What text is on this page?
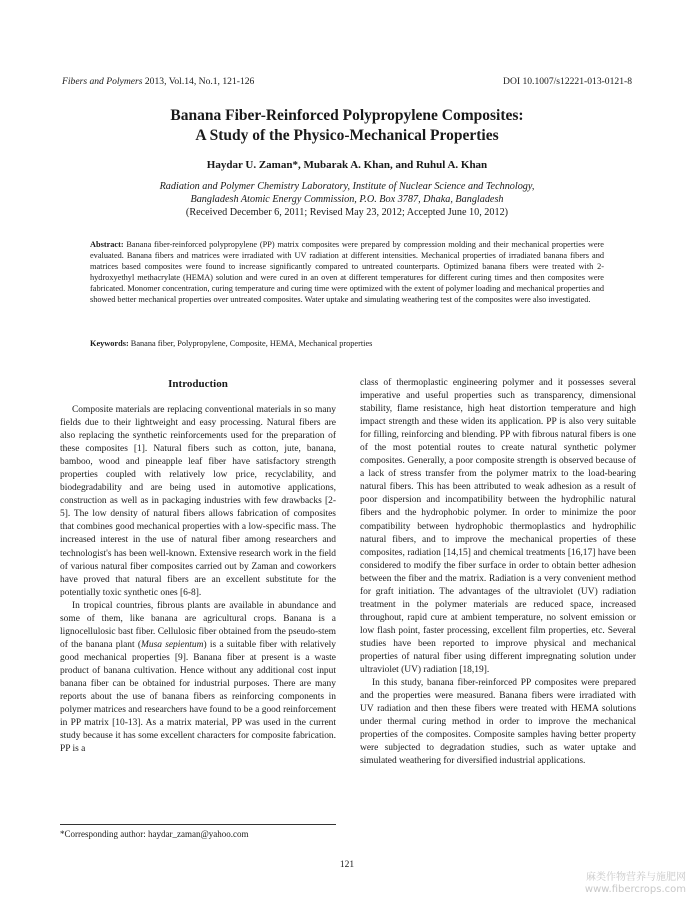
Fibers and Polymers 2013, Vol.14, No.1, 121-126	DOI 10.1007/s12221-013-0121-8
Banana Fiber-Reinforced Polypropylene Composites:
A Study of the Physico-Mechanical Properties
Haydar U. Zaman*, Mubarak A. Khan, and Ruhul A. Khan
Radiation and Polymer Chemistry Laboratory, Institute of Nuclear Science and Technology,
Bangladesh Atomic Energy Commission, P.O. Box 3787, Dhaka, Bangladesh
(Received December 6, 2011; Revised May 23, 2012; Accepted June 10, 2012)
Abstract: Banana fiber-reinforced polypropylene (PP) matrix composites were prepared by compression molding and their mechanical properties were evaluated. Banana fibers and matrices were irradiated with UV radiation at different intensities. Mechanical properties of irradiated banana fibers and matrices based composites were found to increase significantly compared to untreated counterparts. Optimized banana fibers were treated with 2-hydroxyethyl methacrylate (HEMA) solution and were cured in an oven at different temperatures for different curing times and then composites were fabricated. Monomer concentration, curing temperature and curing time were optimized with the extent of polymer loading and mechanical properties and showed better mechanical properties over untreated composites. Water uptake and simulating weathering test of the composites were also investigated.
Keywords: Banana fiber, Polypropylene, Composite, HEMA, Mechanical properties
Introduction

Composite materials are replacing conventional materials in so many fields due to their lightweight and easy processing. Natural fibers are also replacing the synthetic reinforcements used for the preparation of these composites [1]. Natural fibers such as cotton, jute, banana, bamboo, wood and pineapple leaf fiber have satisfactory strength properties coupled with relatively low price, recyclability, and biodegradability and are being used in automotive applications, construction as well as in packaging industries with few drawbacks [2-5]. The low density of natural fibers allows fabrication of composites that combines good mechanical properties with a low-specific mass. The increased interest in the use of natural fiber among researchers and technologist's has been well-known. Extensive research work in the field of various natural fiber composites carried out by Zaman and coworkers have proved that natural fibers are an excellent substitute for the potentially toxic synthetic ones [6-8].

In tropical countries, fibrous plants are available in abundance and some of them, like banana are agricultural crops. Banana is a lignocellulosic bast fiber. Cellulosic fiber obtained from the pseudo-stem of the banana plant (Musa sepientum) is a suitable fiber with relatively good mechanical properties [9]. Banana fiber at present is a waste product of banana cultivation. Hence without any additional cost input banana fiber can be obtained for industrial purposes. There are many reports about the use of banana fibers as reinforcing components in polymer matrices and researchers have found to be a good reinforcement in PP matrix [10-13]. As a matrix material, PP was used in the current study because it has some excellent characters for composite fabrication. PP is a

class of thermoplastic engineering polymer and it possesses several imperative and useful properties such as transparency, dimensional stability, flame resistance, high heat distortion temperature and high impact strength and these widen its application. PP is also very suitable for filling, reinforcing and blending. PP with fibrous natural fibers is one of the most potential routes to create natural synthetic polymer composites. Generally, a poor composite strength is observed because of a lack of stress transfer from the polymer matrix to the load-bearing natural fibers. This has been attributed to weak adhesion as a result of poor dispersion and incompatibility between the hydrophilic natural fibers and the hydrophobic polymer. In order to minimize the poor compatibility between hydrophobic thermoplastics and hydrophilic natural fibers, and to improve the mechanical properties of these composites, radiation [14,15] and chemical treatments [16,17] have been considered to modify the fiber surface in order to obtain better adhesion between the fiber and the matrix. Radiation is a very convenient method for graft initiation. The advantages of the ultraviolet (UV) radiation treatment in the polymer materials are reduced space, increased throughout, rapid cure at ambient temperature, no solvent emission or low flash point, faster processing, excellent film properties, etc. Several studies have been reported to improve physical and mechanical properties of natural fiber using different impregnating solution under ultraviolet (UV) radiation [18,19].

In this study, banana fiber-reinforced PP composites were prepared and the properties were measured. Banana fibers were irradiated with UV radiation and then these fibers were treated with HEMA solutions under thermal curing method in order to improve the mechanical properties of the composites. Composite samples having better property were subjected to degradation studies, such as water uptake and simulated weathering for diversified industrial applications.

*Corresponding author: haydar_zaman@yahoo.com
121
麻类作物营养与施肥网
www.fibercrops.com
